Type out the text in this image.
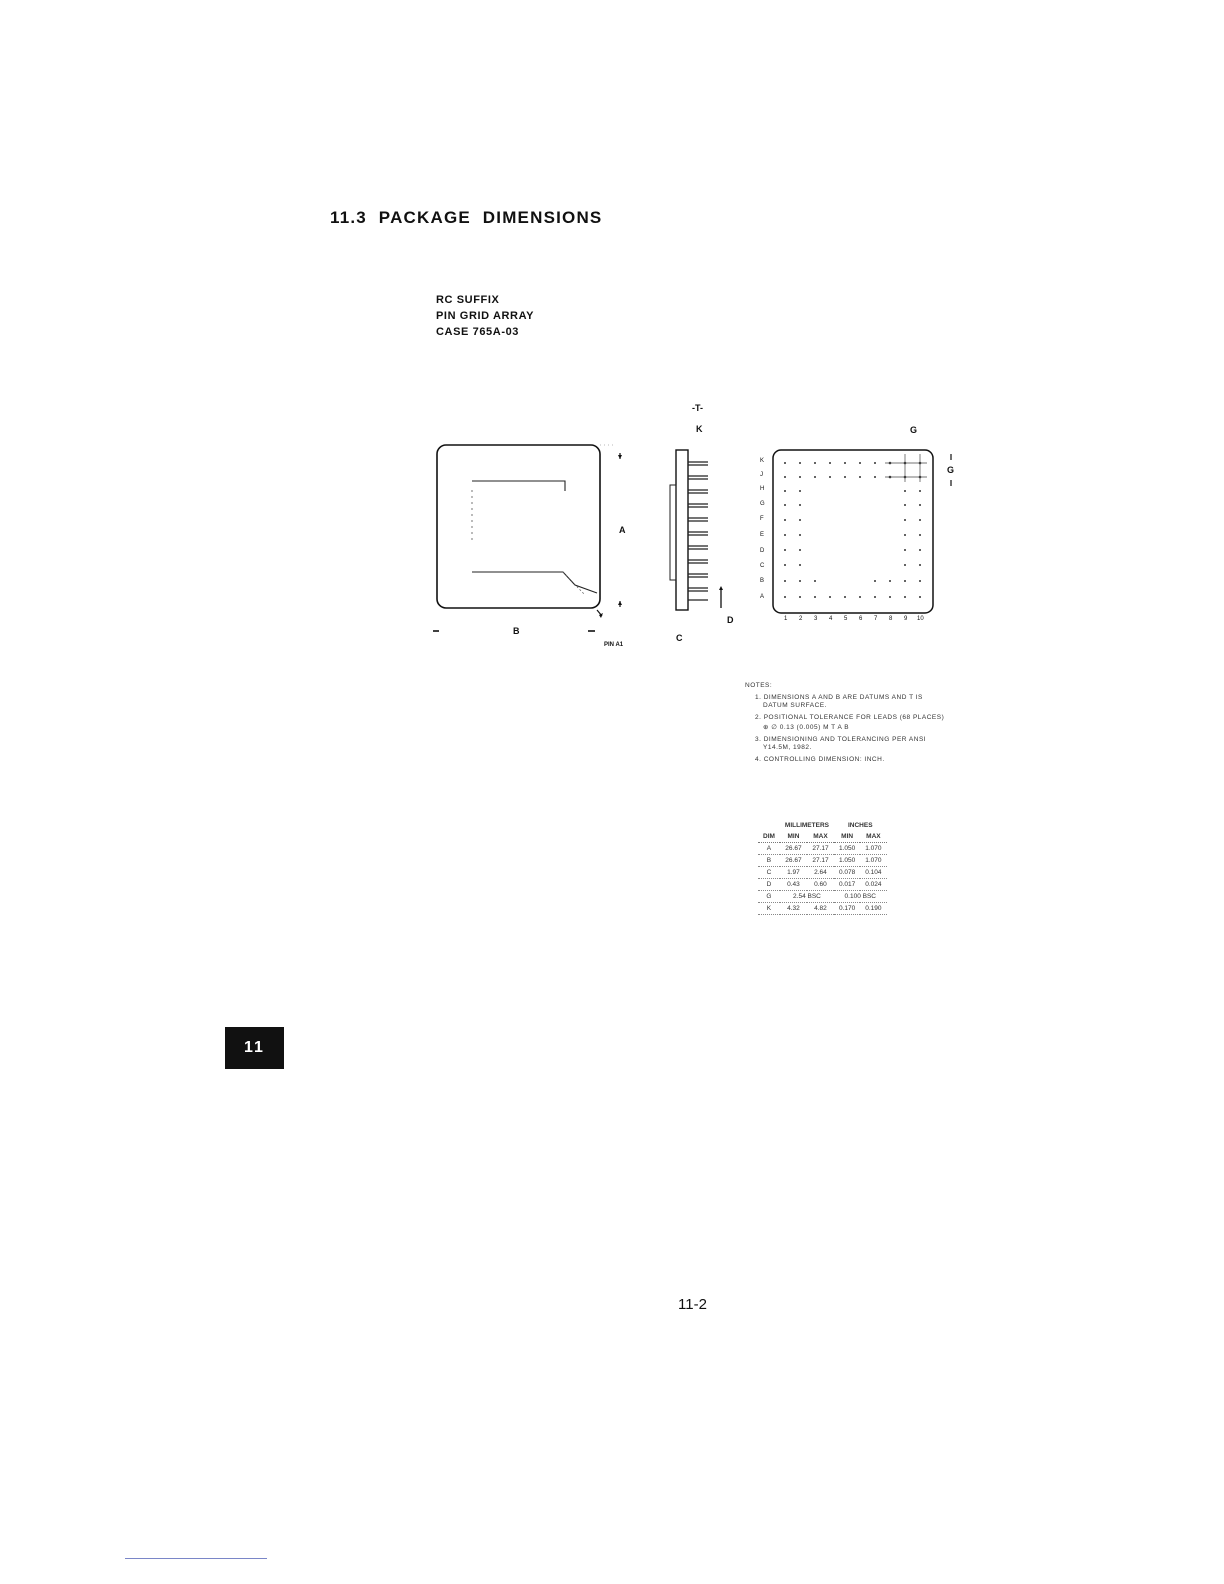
11.3  PACKAGE  DIMENSIONS
RC SUFFIX
PIN GRID ARRAY
CASE 765A-03
A
B
PIN A1
-T-
K
C
D
G
G
K
J
H
G
F
E
D
C
B
A
1 2 3 4 5 6 7 8 9 10
NOTES:
1. DIMENSIONS A AND B ARE DATUMS AND T IS
DATUM SURFACE.
2. POSITIONAL TOLERANCE FOR LEADS (68 PLACES)
⊕ ∅ 0.13 (0.005) M T A B
3. DIMENSIONING AND TOLERANCING PER ANSI
Y14.5M, 1982.
4. CONTROLLING DIMENSION: INCH.
	MILLIMETERS		INCHES	
DIM	MIN	MAX	MIN	MAX
A	26.67	27.17	1.050	1.070
B	26.67	27.17	1.050	1.070
C	1.97	2.64	0.078	0.104
D	0.43	0.60	0.017	0.024
G	2.54 BSC		0.100 BSC	
K	4.32	4.82	0.170	0.190
11
11-2
